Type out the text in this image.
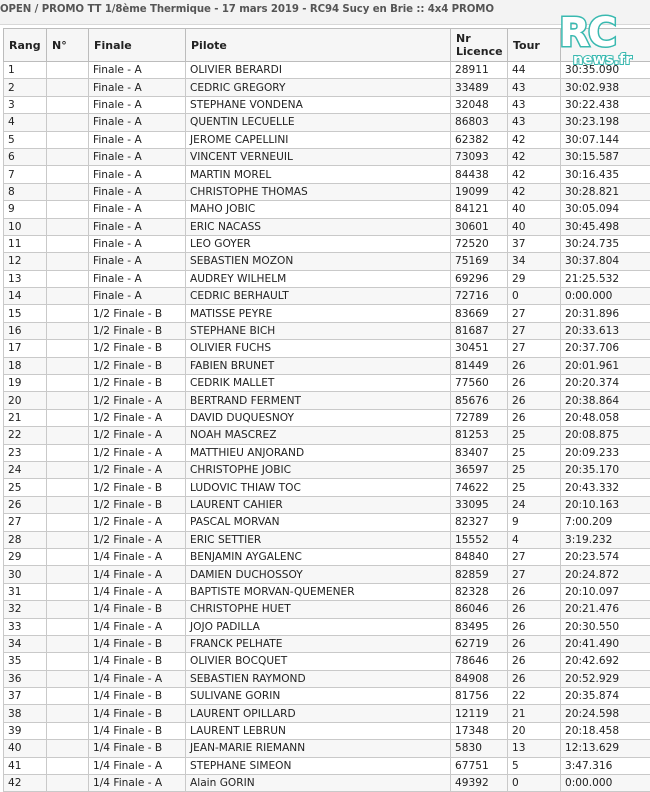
OPEN / PROMO TT 1/8ème Thermique - 17 mars 2019 - RC94 Sucy en Brie :: 4x4 PROMO
Rang	N°	Finale	Pilote	Nr Licence	Tour	
1		Finale - A	OLIVIER BERARDI	28911	44	30:35.090
2		Finale - A	CEDRIC GREGORY	33489	43	30:02.938
3		Finale - A	STEPHANE VONDENA	32048	43	30:22.438
4		Finale - A	QUENTIN LECUELLE	86803	43	30:23.198
5		Finale - A	JEROME CAPELLINI	62382	42	30:07.144
6		Finale - A	VINCENT VERNEUIL	73093	42	30:15.587
7		Finale - A	MARTIN MOREL	84438	42	30:16.435
8		Finale - A	CHRISTOPHE THOMAS	19099	42	30:28.821
9		Finale - A	MAHO JOBIC	84121	40	30:05.094
10		Finale - A	ERIC NACASS	30601	40	30:45.498
11		Finale - A	LEO GOYER	72520	37	30:24.735
12		Finale - A	SEBASTIEN MOZON	75169	34	30:37.804
13		Finale - A	AUDREY WILHELM	69296	29	21:25.532
14		Finale - A	CEDRIC BERHAULT	72716	0	0:00.000
15		1/2 Finale - B	MATISSE PEYRE	83669	27	20:31.896
16		1/2 Finale - B	STEPHANE BICH	81687	27	20:33.613
17		1/2 Finale - B	OLIVIER FUCHS	30451	27	20:37.706
18		1/2 Finale - B	FABIEN BRUNET	81449	26	20:01.961
19		1/2 Finale - B	CEDRIK MALLET	77560	26	20:20.374
20		1/2 Finale - A	BERTRAND FERMENT	85676	26	20:38.864
21		1/2 Finale - A	DAVID DUQUESNOY	72789	26	20:48.058
22		1/2 Finale - A	NOAH MASCREZ	81253	25	20:08.875
23		1/2 Finale - A	MATTHIEU ANJORAND	83407	25	20:09.233
24		1/2 Finale - A	CHRISTOPHE JOBIC	36597	25	20:35.170
25		1/2 Finale - B	LUDOVIC THIAW TOC	74622	25	20:43.332
26		1/2 Finale - B	LAURENT CAHIER	33095	24	20:10.163
27		1/2 Finale - A	PASCAL MORVAN	82327	9	7:00.209
28		1/2 Finale - A	ERIC SETTIER	15552	4	3:19.232
29		1/4 Finale - A	BENJAMIN AYGALENC	84840	27	20:23.574
30		1/4 Finale - A	DAMIEN DUCHOSSOY	82859	27	20:24.872
31		1/4 Finale - A	BAPTISTE MORVAN-QUEMENER	82328	26	20:10.097
32		1/4 Finale - B	CHRISTOPHE HUET	86046	26	20:21.476
33		1/4 Finale - A	JOJO PADILLA	83495	26	20:30.550
34		1/4 Finale - B	FRANCK PELHATE	62719	26	20:41.490
35		1/4 Finale - B	OLIVIER BOCQUET	78646	26	20:42.692
36		1/4 Finale - A	SEBASTIEN RAYMOND	84908	26	20:52.929
37		1/4 Finale - B	SULIVANE GORIN	81756	22	20:35.874
38		1/4 Finale - B	LAURENT OPILLARD	12119	21	20:24.598
39		1/4 Finale - B	LAURENT LEBRUN	17348	20	20:18.458
40		1/4 Finale - B	JEAN-MARIE RIEMANN	5830	13	12:13.629
41		1/4 Finale - A	STEPHANE SIMEON	67751	5	3:47.316
42		1/4 Finale - A	Alain GORIN	49392	0	0:00.000
RC
news.fr
